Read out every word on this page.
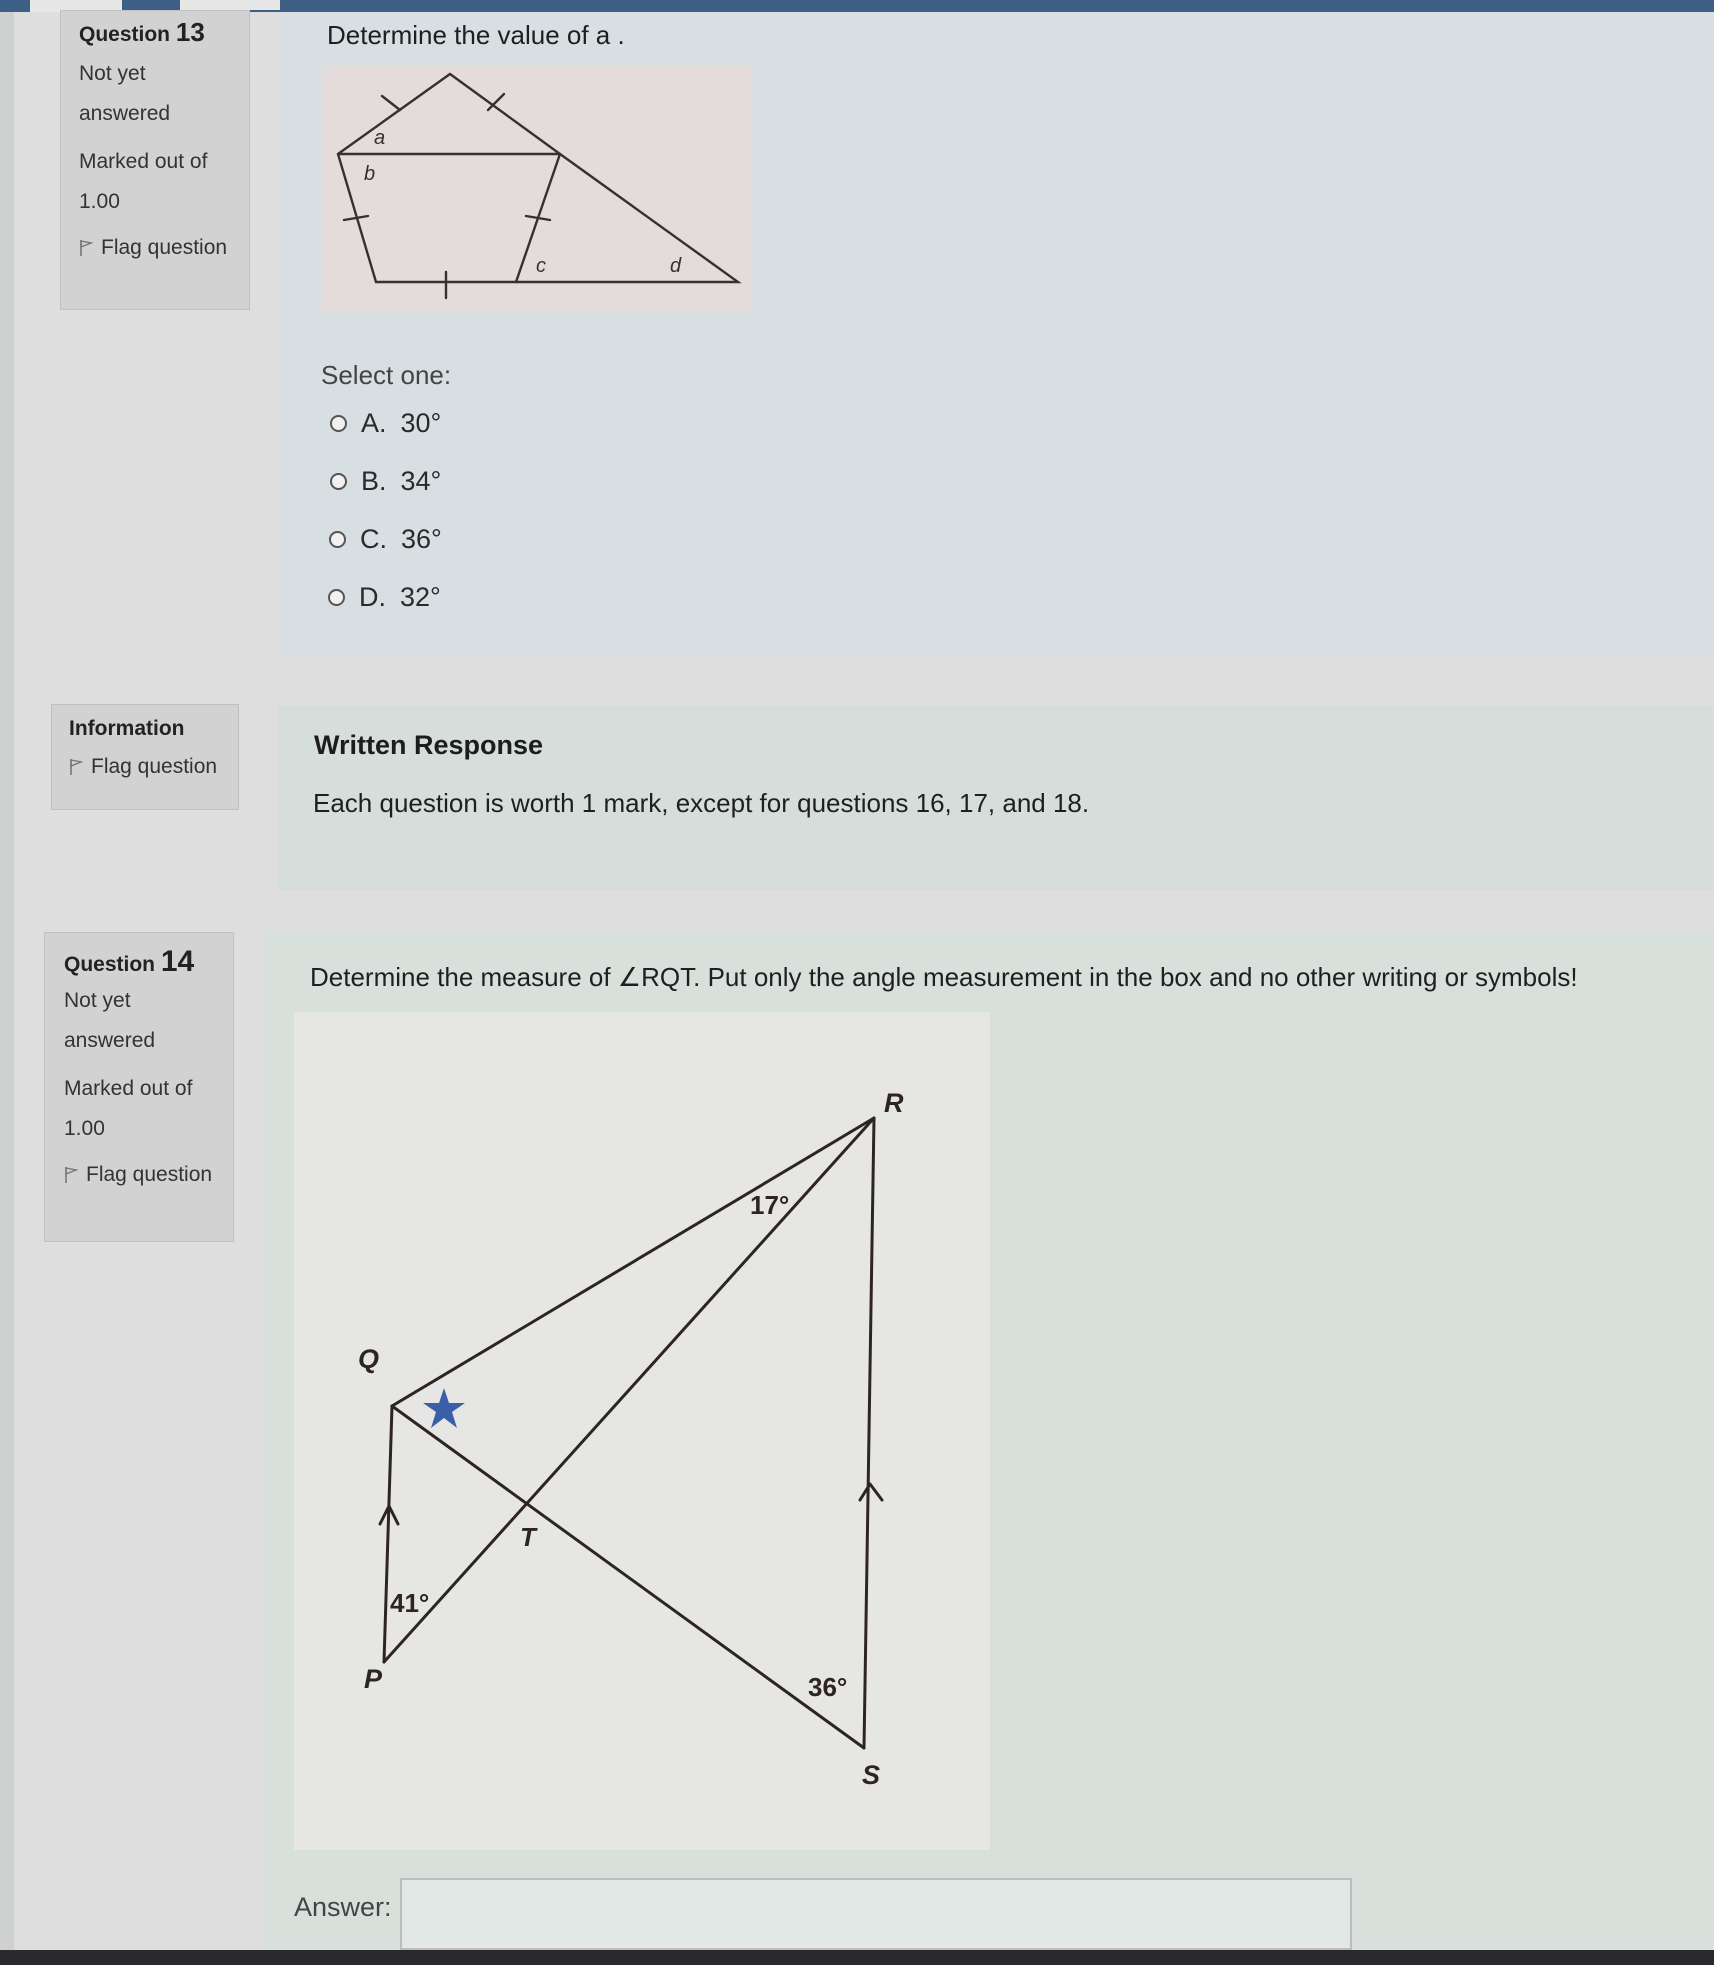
Question 13
Not yet
answered
Marked out of
1.00
Flag question
Determine the value of a .
a
b
c	d
Select one:
A. 30°
B. 34°
C. 36°
D. 32°
Information
Flag question
Written Response
Each question is worth 1 mark, except for questions 16, 17, and 18.
Question 14
Not yet
answered
Marked out of
1.00
Flag question
Determine the measure of ∠RQT. Put only the angle measurement in the box and no other writing or symbols!
R
Q
T
P
S
17°
41°
36°
Answer:
